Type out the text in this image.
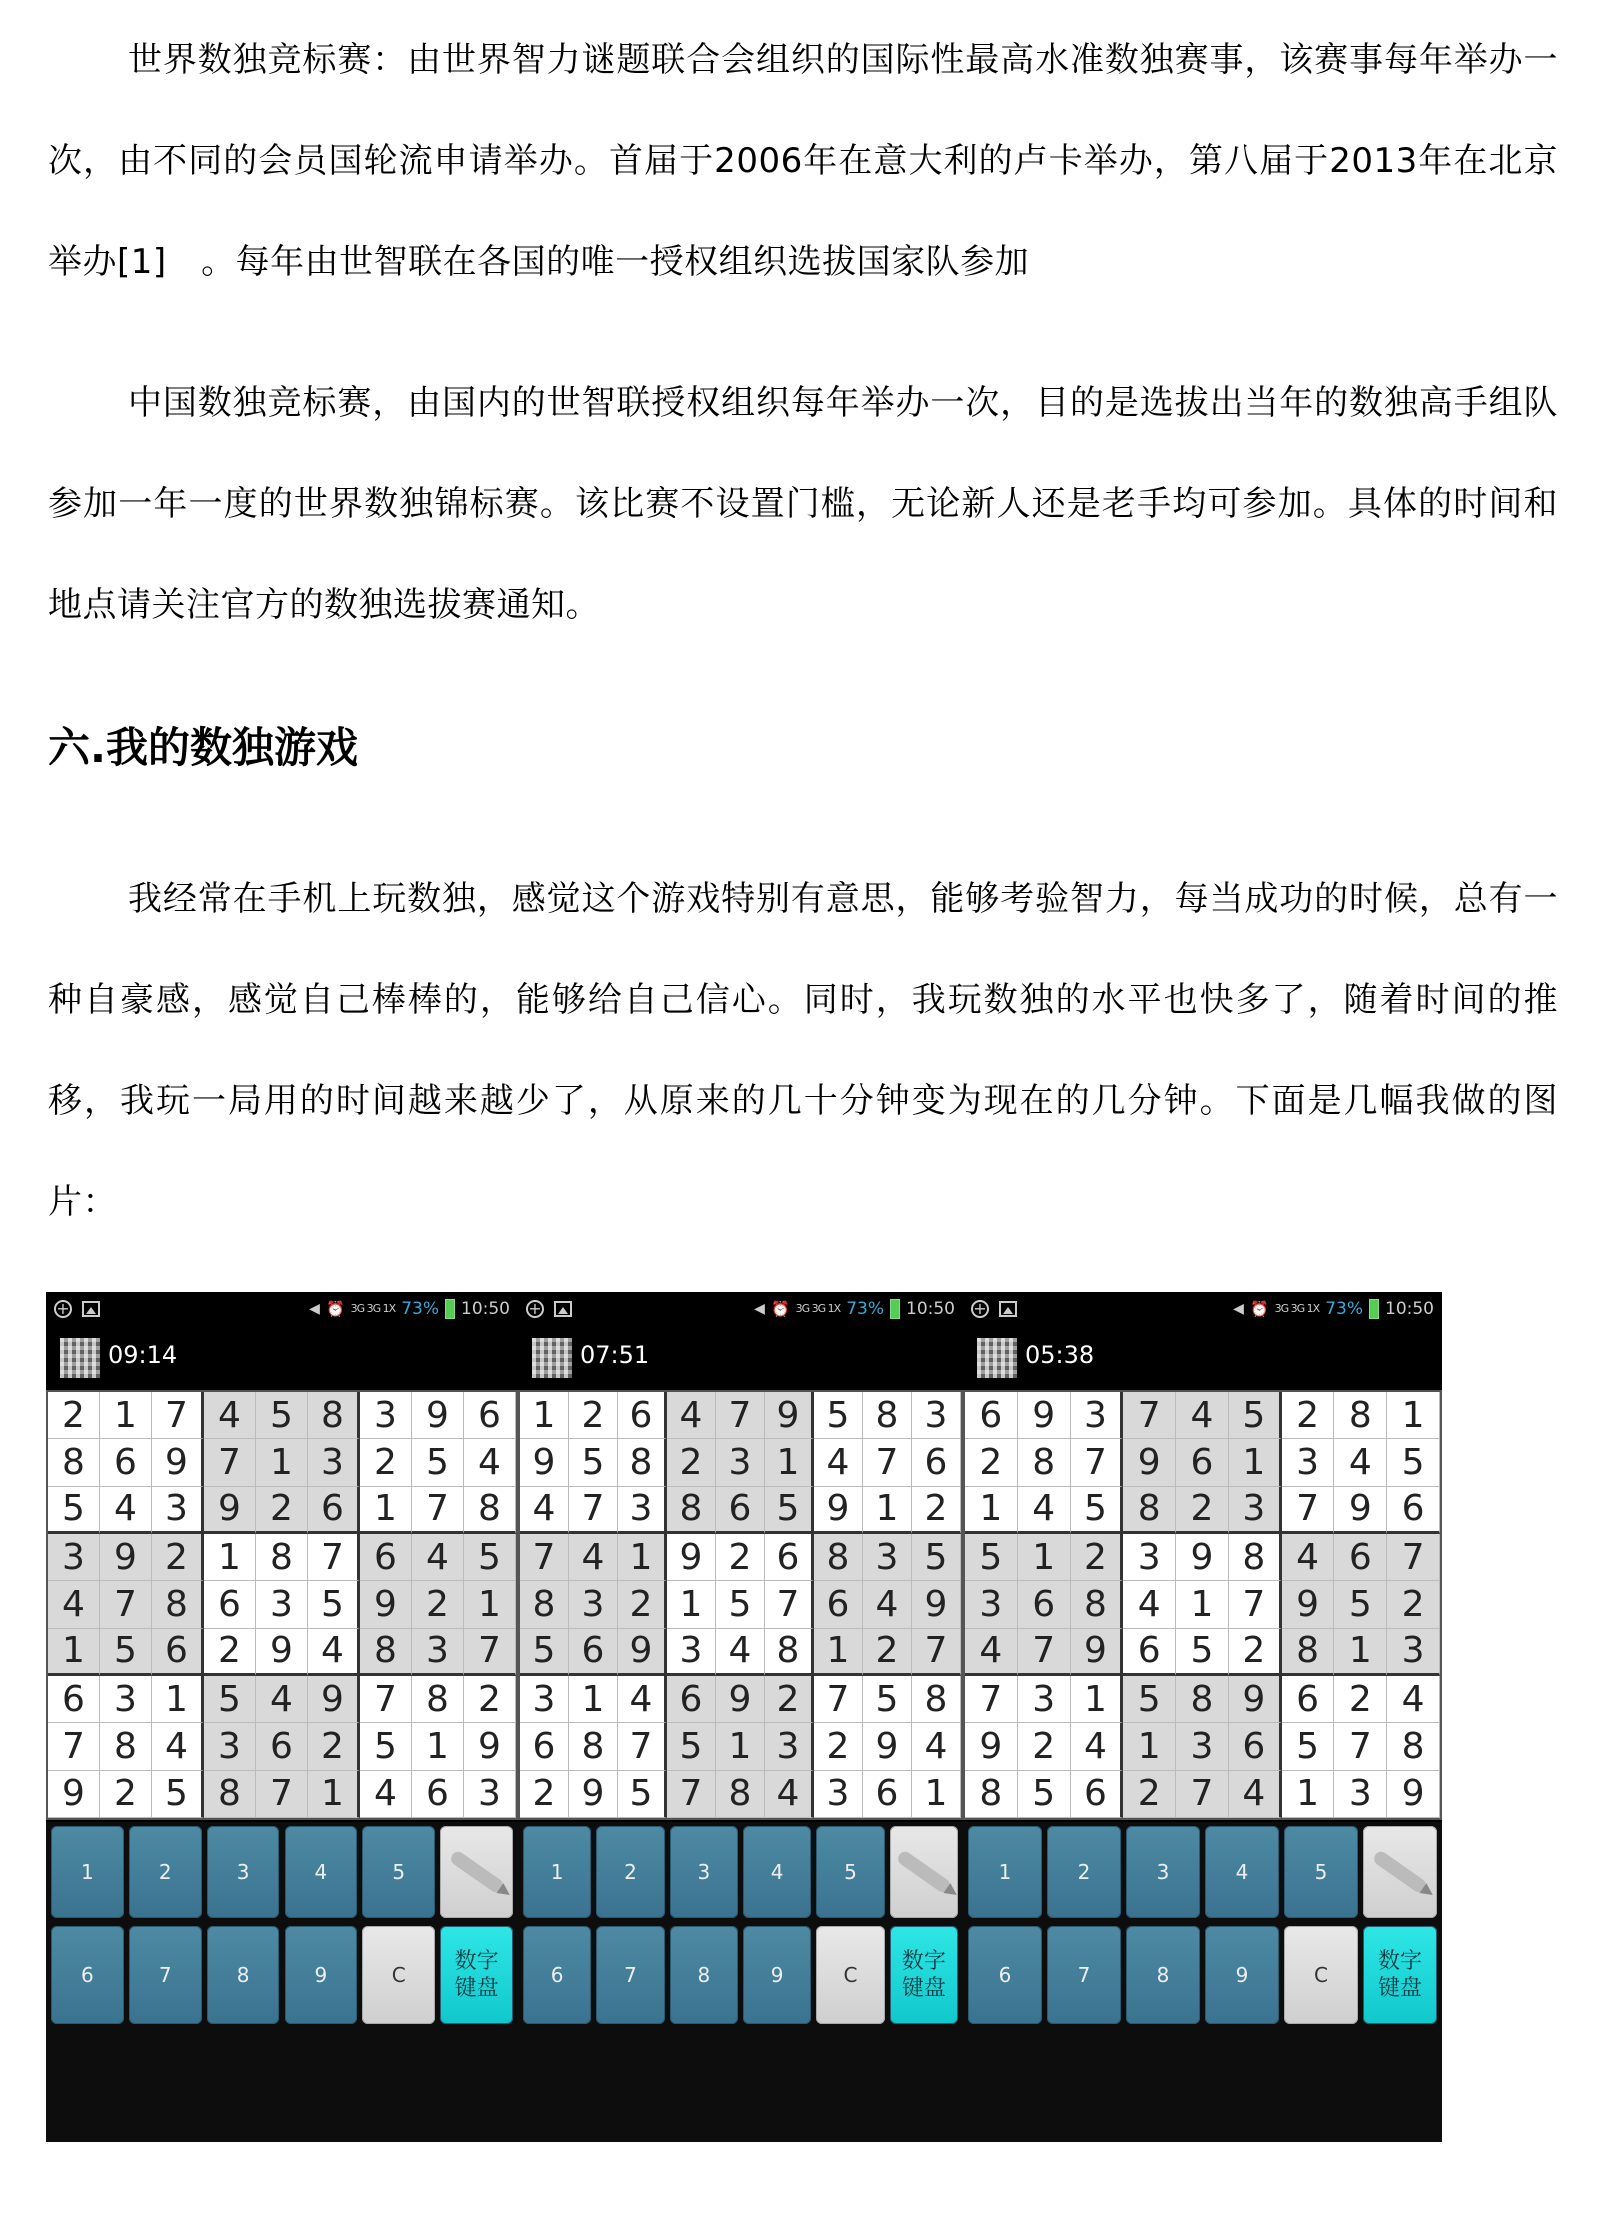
世界数独竞标赛：由世界智力谜题联合会组织的国际性最高水准数独赛事，该赛事每年举办一次，由不同的会员国轮流申请举办。首届于2006年在意大利的卢卡举办，第八届于2013年在北京举办[1]　。每年由世智联在各国的唯一授权组织选拔国家队参加
中国数独竞标赛，由国内的世智联授权组织每年举办一次，目的是选拔出当年的数独高手组队参加一年一度的世界数独锦标赛。该比赛不设置门槛，无论新人还是老手均可参加。具体的时间和地点请关注官方的数独选拔赛通知。
六.我的数独游戏
我经常在手机上玩数独，感觉这个游戏特别有意思，能够考验智力，每当成功的时候，总有一种自豪感，感觉自己棒棒的，能够给自己信心。同时，我玩数独的水平也快多了，随着时间的推移，我玩一局用的时间越来越少了，从原来的几十分钟变为现在的几分钟。下面是几幅我做的图片：
+	◀ ⏰ 3G 3G 1X 73% 10:50
09:14
2 1 7 4 5 8 3 9 6
8 6 9 7 1 3 2 5 4
5 4 3 9 2 6 1 7 8
3 9 2 1 8 7 6 4 5
4 7 8 6 3 5 9 2 1
1 5 6 2 9 4 8 3 7
6 3 1 5 4 9 7 8 2
7 8 4 3 6 2 5 1 9
9 2 5 8 7 1 4 6 3
1	2	3	4	5
6	7	8	9	C
数字
键盘
+	◀ ⏰ 3G 3G 1X 73% 10:50
07:51
1 2 6 4 7 9 5 8 3
9 5 8 2 3 1 4 7 6
4 7 3 8 6 5 9 1 2
7 4 1 9 2 6 8 3 5
8 3 2 1 5 7 6 4 9
5 6 9 3 4 8 1 2 7
3 1 4 6 9 2 7 5 8
6 8 7 5 1 3 2 9 4
2 9 5 7 8 4 3 6 1
1	2	3	4	5
6	7	8	9	C
数字
键盘
+	◀ ⏰ 3G 3G 1X 73% 10:50
05:38
6 9 3 7 4 5 2 8 1
2 8 7 9 6 1 3 4 5
1 4 5 8 2 3 7 9 6
5 1 2 3 9 8 4 6 7
3 6 8 4 1 7 9 5 2
4 7 9 6 5 2 8 1 3
7 3 1 5 8 9 6 2 4
9 2 4 1 3 6 5 7 8
8 5 6 2 7 4 1 3 9
1	2	3	4	5
6	7	8	9	C
数字
键盘
